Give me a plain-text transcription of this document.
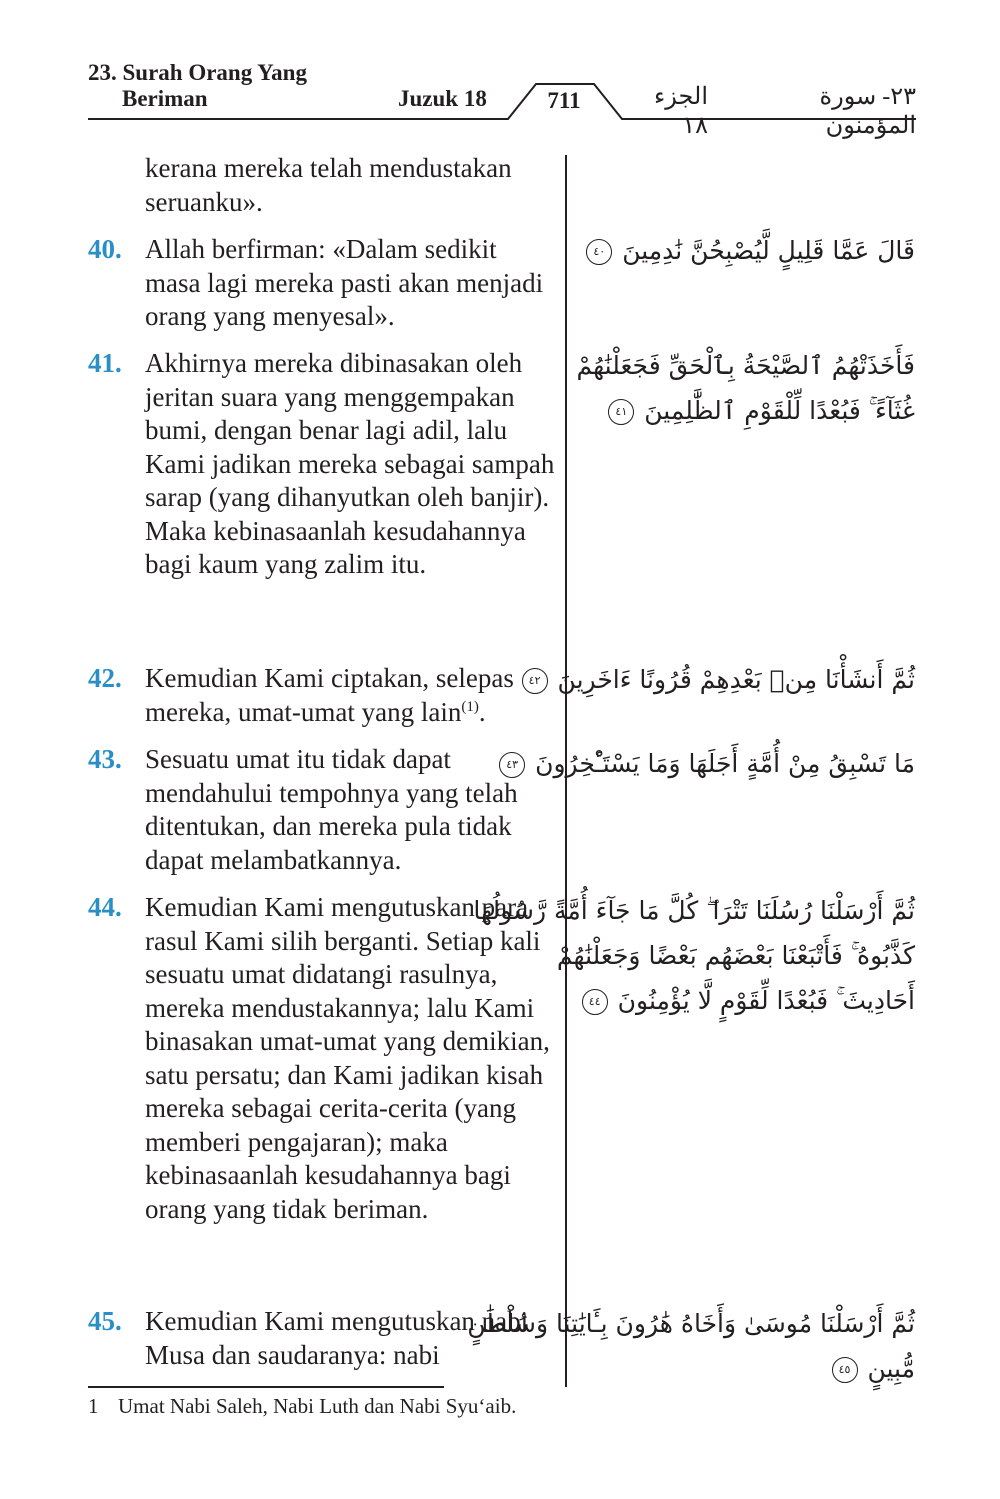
23. Surah Orang Yang
Beriman	Juzuk 18	711	الجزء ١٨
٢٣- سورة المؤمنون
kerana mereka telah mendustakan seruanku».
40. Allah berfirman: «Dalam sedikit masa lagi mereka pasti akan menjadi orang yang menyesal».
قَالَ عَمَّا قَلِيلٍ لَّيُصْبِحُنَّ نَٰدِمِينَ ٤٠
41. Akhirnya mereka dibinasakan oleh jeritan suara yang menggempakan bumi, dengan benar lagi adil, lalu Kami jadikan mereka sebagai sampah sarap (yang dihanyutkan oleh banjir). Maka kebinasaanlah kesudahannya bagi kaum yang zalim itu.
فَأَخَذَتْهُمُ ٱلصَّيْحَةُ بِٱلْحَقِّ فَجَعَلْنَٰهُمْ
غُثَآءً ۚ فَبُعْدًا لِّلْقَوْمِ ٱلظَّٰلِمِينَ ٤١
42. Kemudian Kami ciptakan, selepas mereka, umat-umat yang lain$^{(1)}$.
ثُمَّ أَنشَأْنَا مِنۢ بَعْدِهِمْ قُرُونًا ءَاخَرِينَ ٤٢
43. Sesuatu umat itu tidak dapat mendahului tempohnya yang telah ditentukan, dan mereka pula tidak dapat melambatkannya.
مَا تَسْبِقُ مِنْ أُمَّةٍ أَجَلَهَا وَمَا يَسْتَـْٔخِرُونَ ٤٣
44. Kemudian Kami mengutuskan para rasul Kami silih berganti. Setiap kali sesuatu umat didatangi rasulnya, mereka mendustakannya; lalu Kami binasakan umat-umat yang demikian, satu persatu; dan Kami jadikan kisah mereka sebagai cerita-cerita (yang memberi pengajaran); maka kebinasaanlah kesudahannya bagi orang yang tidak beriman.
ثُمَّ أَرْسَلْنَا رُسُلَنَا تَتْرَا ۖ كُلَّ مَا جَآءَ أُمَّةً رَّسُولُهَا
كَذَّبُوهُ ۚ فَأَتْبَعْنَا بَعْضَهُم بَعْضًا وَجَعَلْنَٰهُمْ
أَحَادِيثَ ۚ فَبُعْدًا لِّقَوْمٍ لَّا يُؤْمِنُونَ ٤٤
45. Kemudian Kami mengutuskan nabi Musa dan saudaranya: nabi
ثُمَّ أَرْسَلْنَا مُوسَىٰ وَأَخَاهُ هَٰرُونَ بِـَٔايَٰتِنَا وَسُلْطَٰنٍ
مُّبِينٍ ٤٥
1 Umat Nabi Saleh, Nabi Luth dan Nabi Syu‘aib.
